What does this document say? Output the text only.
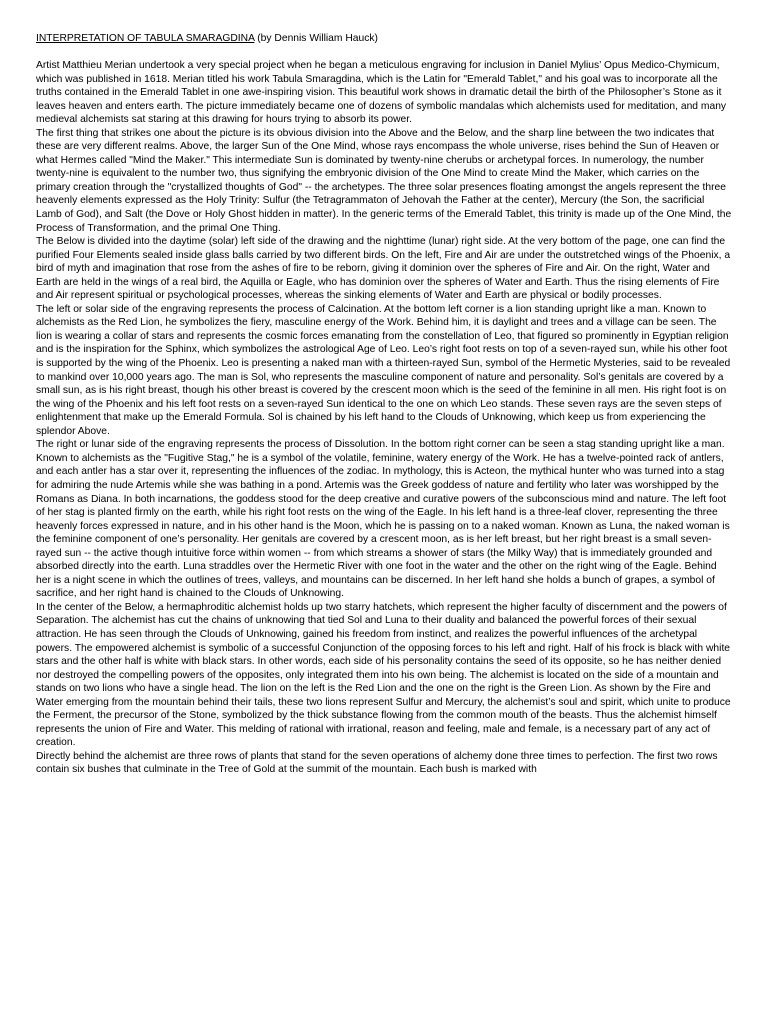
INTERPRETATION OF TABULA SMARAGDINA (by Dennis William Hauck)

Artist Matthieu Merian undertook a very special project when he began a meticulous engraving for inclusion in Daniel Mylius’ Opus Medico-Chymicum, which was published in 1618. Merian titled his work Tabula Smaragdina, which is the Latin for "Emerald Tablet," and his goal was to incorporate all the truths contained in the Emerald Tablet in one awe-inspiring vision. This beautiful work shows in dramatic detail the birth of the Philosopher’s Stone as it leaves heaven and enters earth. The picture immediately became one of dozens of symbolic mandalas which alchemists used for meditation, and many medieval alchemists sat staring at this drawing for hours trying to absorb its power.

The first thing that strikes one about the picture is its obvious division into the Above and the Below, and the sharp line between the two indicates that these are very different realms. Above, the larger Sun of the One Mind, whose rays encompass the whole universe, rises behind the Sun of Heaven or what Hermes called "Mind the Maker." This intermediate Sun is dominated by twenty-nine cherubs or archetypal forces. In numerology, the number twenty-nine is equivalent to the number two, thus signifying the embryonic division of the One Mind to create Mind the Maker, which carries on the primary creation through the "crystallized thoughts of God" -- the archetypes. The three solar presences floating amongst the angels represent the three heavenly elements expressed as the Holy Trinity: Sulfur (the Tetragrammaton of Jehovah the Father at the center), Mercury (the Son, the sacrificial Lamb of God), and Salt (the Dove or Holy Ghost hidden in matter). In the generic terms of the Emerald Tablet, this trinity is made up of the One Mind, the Process of Transformation, and the primal One Thing.

The Below is divided into the daytime (solar) left side of the drawing and the nighttime (lunar) right side. At the very bottom of the page, one can find the purified Four Elements sealed inside glass balls carried by two different birds. On the left, Fire and Air are under the outstretched wings of the Phoenix, a bird of myth and imagination that rose from the ashes of fire to be reborn, giving it dominion over the spheres of Fire and Air. On the right, Water and Earth are held in the wings of a real bird, the Aquilla or Eagle, who has dominion over the spheres of Water and Earth. Thus the rising elements of Fire and Air represent spiritual or psychological processes, whereas the sinking elements of Water and Earth are physical or bodily processes.

The left or solar side of the engraving represents the process of Calcination. At the bottom left corner is a lion standing upright like a man. Known to alchemists as the Red Lion, he symbolizes the fiery, masculine energy of the Work. Behind him, it is daylight and trees and a village can be seen. The lion is wearing a collar of stars and represents the cosmic forces emanating from the constellation of Leo, that figured so prominently in Egyptian religion and is the inspiration for the Sphinx, which symbolizes the astrological Age of Leo. Leo’s right foot rests on top of a seven-rayed sun, while his other foot is supported by the wing of the Phoenix. Leo is presenting a naked man with a thirteen-rayed Sun, symbol of the Hermetic Mysteries, said to be revealed to mankind over 10,000 years ago. The man is Sol, who represents the masculine component of nature and personality. Sol’s genitals are covered by a small sun, as is his right breast, though his other breast is covered by the crescent moon which is the seed of the feminine in all men. His right foot is on the wing of the Phoenix and his left foot rests on a seven-rayed Sun identical to the one on which Leo stands. These seven rays are the seven steps of enlightenment that make up the Emerald Formula. Sol is chained by his left hand to the Clouds of Unknowing, which keep us from experiencing the splendor Above.

The right or lunar side of the engraving represents the process of Dissolution. In the bottom right corner can be seen a stag standing upright like a man. Known to alchemists as the "Fugitive Stag," he is a symbol of the volatile, feminine, watery energy of the Work. He has a twelve-pointed rack of antlers, and each antler has a star over it, representing the influences of the zodiac. In mythology, this is Acteon, the mythical hunter who was turned into a stag for admiring the nude Artemis while she was bathing in a pond. Artemis was the Greek goddess of nature and fertility who later was worshipped by the Romans as Diana. In both incarnations, the goddess stood for the deep creative and curative powers of the subconscious mind and nature. The left foot of her stag is planted firmly on the earth, while his right foot rests on the wing of the Eagle. In his left hand is a three-leaf clover, representing the three heavenly forces expressed in nature, and in his other hand is the Moon, which he is passing on to a naked woman. Known as Luna, the naked woman is the feminine component of one’s personality. Her genitals are covered by a crescent moon, as is her left breast, but her right breast is a small seven-rayed sun -- the active though intuitive force within women -- from which streams a shower of stars (the Milky Way) that is immediately grounded and absorbed directly into the earth. Luna straddles over the Hermetic River with one foot in the water and the other on the right wing of the Eagle. Behind her is a night scene in which the outlines of trees, valleys, and mountains can be discerned. In her left hand she holds a bunch of grapes, a symbol of sacrifice, and her right hand is chained to the Clouds of Unknowing.

In the center of the Below, a hermaphroditic alchemist holds up two starry hatchets, which represent the higher faculty of discernment and the powers of Separation. The alchemist has cut the chains of unknowing that tied Sol and Luna to their duality and balanced the powerful forces of their sexual attraction. He has seen through the Clouds of Unknowing, gained his freedom from instinct, and realizes the powerful influences of the archetypal powers. The empowered alchemist is symbolic of a successful Conjunction of the opposing forces to his left and right. Half of his frock is black with white stars and the other half is white with black stars. In other words, each side of his personality contains the seed of its opposite, so he has neither denied nor destroyed the compelling powers of the opposites, only integrated them into his own being. The alchemist is located on the side of a mountain and stands on two lions who have a single head. The lion on the left is the Red Lion and the one on the right is the Green Lion. As shown by the Fire and Water emerging from the mountain behind their tails, these two lions represent Sulfur and Mercury, the alchemist’s soul and spirit, which unite to produce the Ferment, the precursor of the Stone, symbolized by the thick substance flowing from the common mouth of the beasts. Thus the alchemist himself represents the union of Fire and Water. This melding of rational with irrational, reason and feeling, male and female, is a necessary part of any act of creation.

Directly behind the alchemist are three rows of plants that stand for the seven operations of alchemy done three times to perfection. The first two rows contain six bushes that culminate in the Tree of Gold at the summit of the mountain. Each bush is marked with
